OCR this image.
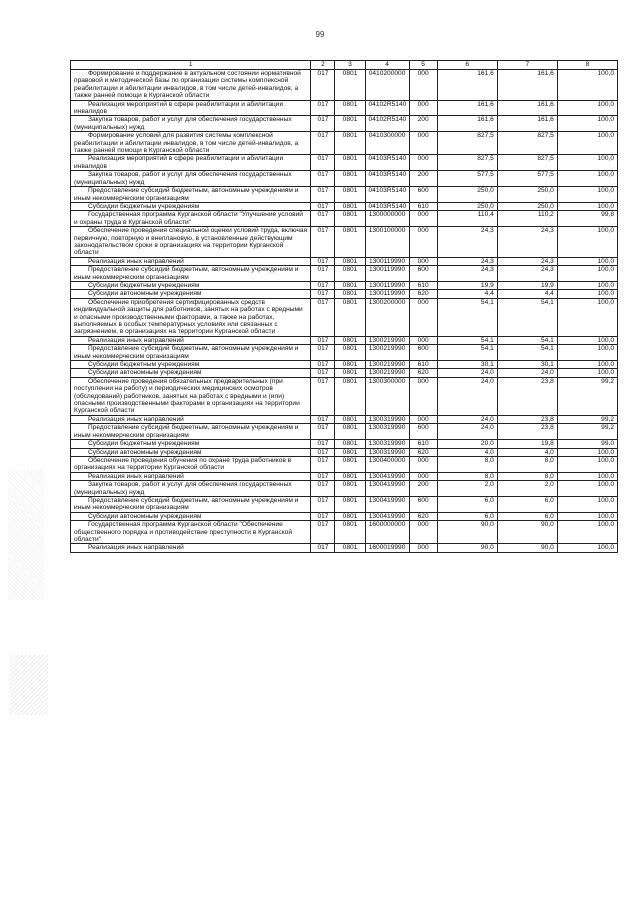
99
1	2	3	4	5	6	7	8
Формирование и поддержание в актуальном состоянии нормативной правовой и методической базы по организации системы комплексной реабилитации и абилитации инвалидов, в том числе детей-инвалидов, а также ранней помощи в Курганской области	017	0801	0410200000	000	161,6	161,6	100,0
Реализация мероприятий в сфере реабилитации и абилитации инвалидов	017	0801	04102R5140	000	161,6	161,6	100,0
Закупка товаров, работ и услуг для обеспечения государственных (муниципальных) нужд	017	0801	04102R5140	200	161,6	161,6	100,0
Формирование условий для развития системы комплексной реабилитации и абилитации инвалидов, в том числе детей-инвалидов, а также ранней помощи в Курганской области	017	0801	0410300000	000	827,5	827,5	100,0
Реализация мероприятий в сфере реабилитации и абилитации инвалидов	017	0801	04103R5140	000	827,5	827,5	100,0
Закупка товаров, работ и услуг для обеспечения государственных (муниципальных) нужд	017	0801	04103R5140	200	577,5	577,5	100,0
Предоставление субсидий бюджетным, автономным учреждениям и иным некоммерческим организациям	017	0801	04103R5140	600	250,0	250,0	100,0
Субсидии бюджетным учреждениям	017	0801	04103R5140	610	250,0	250,0	100,0
Государственная программа Курганской области "Улучшение условий и охраны труда в Курганской области"	017	0801	1300000000	000	110,4	110,2	99,8
Обеспечение проведения специальной оценки условий труда, включая первичную, повторную и внеплановую, в установленные действующим законодательством сроки в организациях на территории Курганской области	017	0801	1300100000	000	24,3	24,3	100,0
Реализация иных направлений	017	0801	1300119990	000	24,3	24,3	100,0
Предоставление субсидий бюджетным, автономным учреждениям и иным некоммерческим организациям	017	0801	1300119990	600	24,3	24,3	100,0
Субсидии бюджетным учреждениям	017	0801	1300119990	610	19,9	19,9	100,0
Субсидии автономным учреждениям	017	0801	1300119990	620	4,4	4,4	100,0
Обеспечение приобретения сертифицированных средств индивидуальной защиты для работников, занятых на работах с вредными и опасными производственными факторами, а также на работах, выполняемых в особых температурных условиях или связанных с загрязнением, в организациях на территории Курганской области	017	0801	1300200000	000	54,1	54,1	100,0
Реализация иных направлений	017	0801	1300219990	000	54,1	54,1	100,0
Предоставление субсидий бюджетным, автономным учреждениям и иным некоммерческим организациям	017	0801	1300219990	600	54,1	54,1	100,0
Субсидии бюджетным учреждениям	017	0801	1300219990	610	30,1	30,1	100,0
Субсидии автономным учреждениям	017	0801	1300219990	620	24,0	24,0	100,0
Обеспечение проведения обязательных предварительных (при поступлении на работу) и периодических медицинских осмотров (обследований) работников, занятых на работах с вредными и (или) опасными производственными факторами в организациях на территории Курганской области	017	0801	1300300000	000	24,0	23,8	99,2
Реализация иных направлений	017	0801	1300319990	000	24,0	23,8	99,2
Предоставление субсидий бюджетным, автономным учреждениям и иным некоммерческим организациям	017	0801	1300319990	600	24,0	23,8	99,2
Субсидии бюджетным учреждениям	017	0801	1300319990	610	20,0	19,8	99,0
Субсидии автономным учреждениям	017	0801	1300319990	620	4,0	4,0	100,0
Обеспечение проведения обучения по охране труда работников в организациях на территории Курганской области	017	0801	1300400000	000	8,0	8,0	100,0
Реализация иных направлений	017	0801	1300419990	000	8,0	8,0	100,0
Закупка товаров, работ и услуг для обеспечения государственных (муниципальных) нужд	017	0801	1300419990	200	2,0	2,0	100,0
Предоставление субсидий бюджетным, автономным учреждениям и иным некоммерческим организациям	017	0801	1300419990	600	6,0	6,0	100,0
Субсидии автономным учреждениям	017	0801	1300419990	620	6,0	6,0	100,0
Государственная программа Курганской области "Обеспечение общественного порядка и противодействие преступности в Курганской области"	017	0801	1600000000	000	90,0	90,0	100,0
Реализация иных направлений	017	0801	1600019990	000	90,0	90,0	100,0
